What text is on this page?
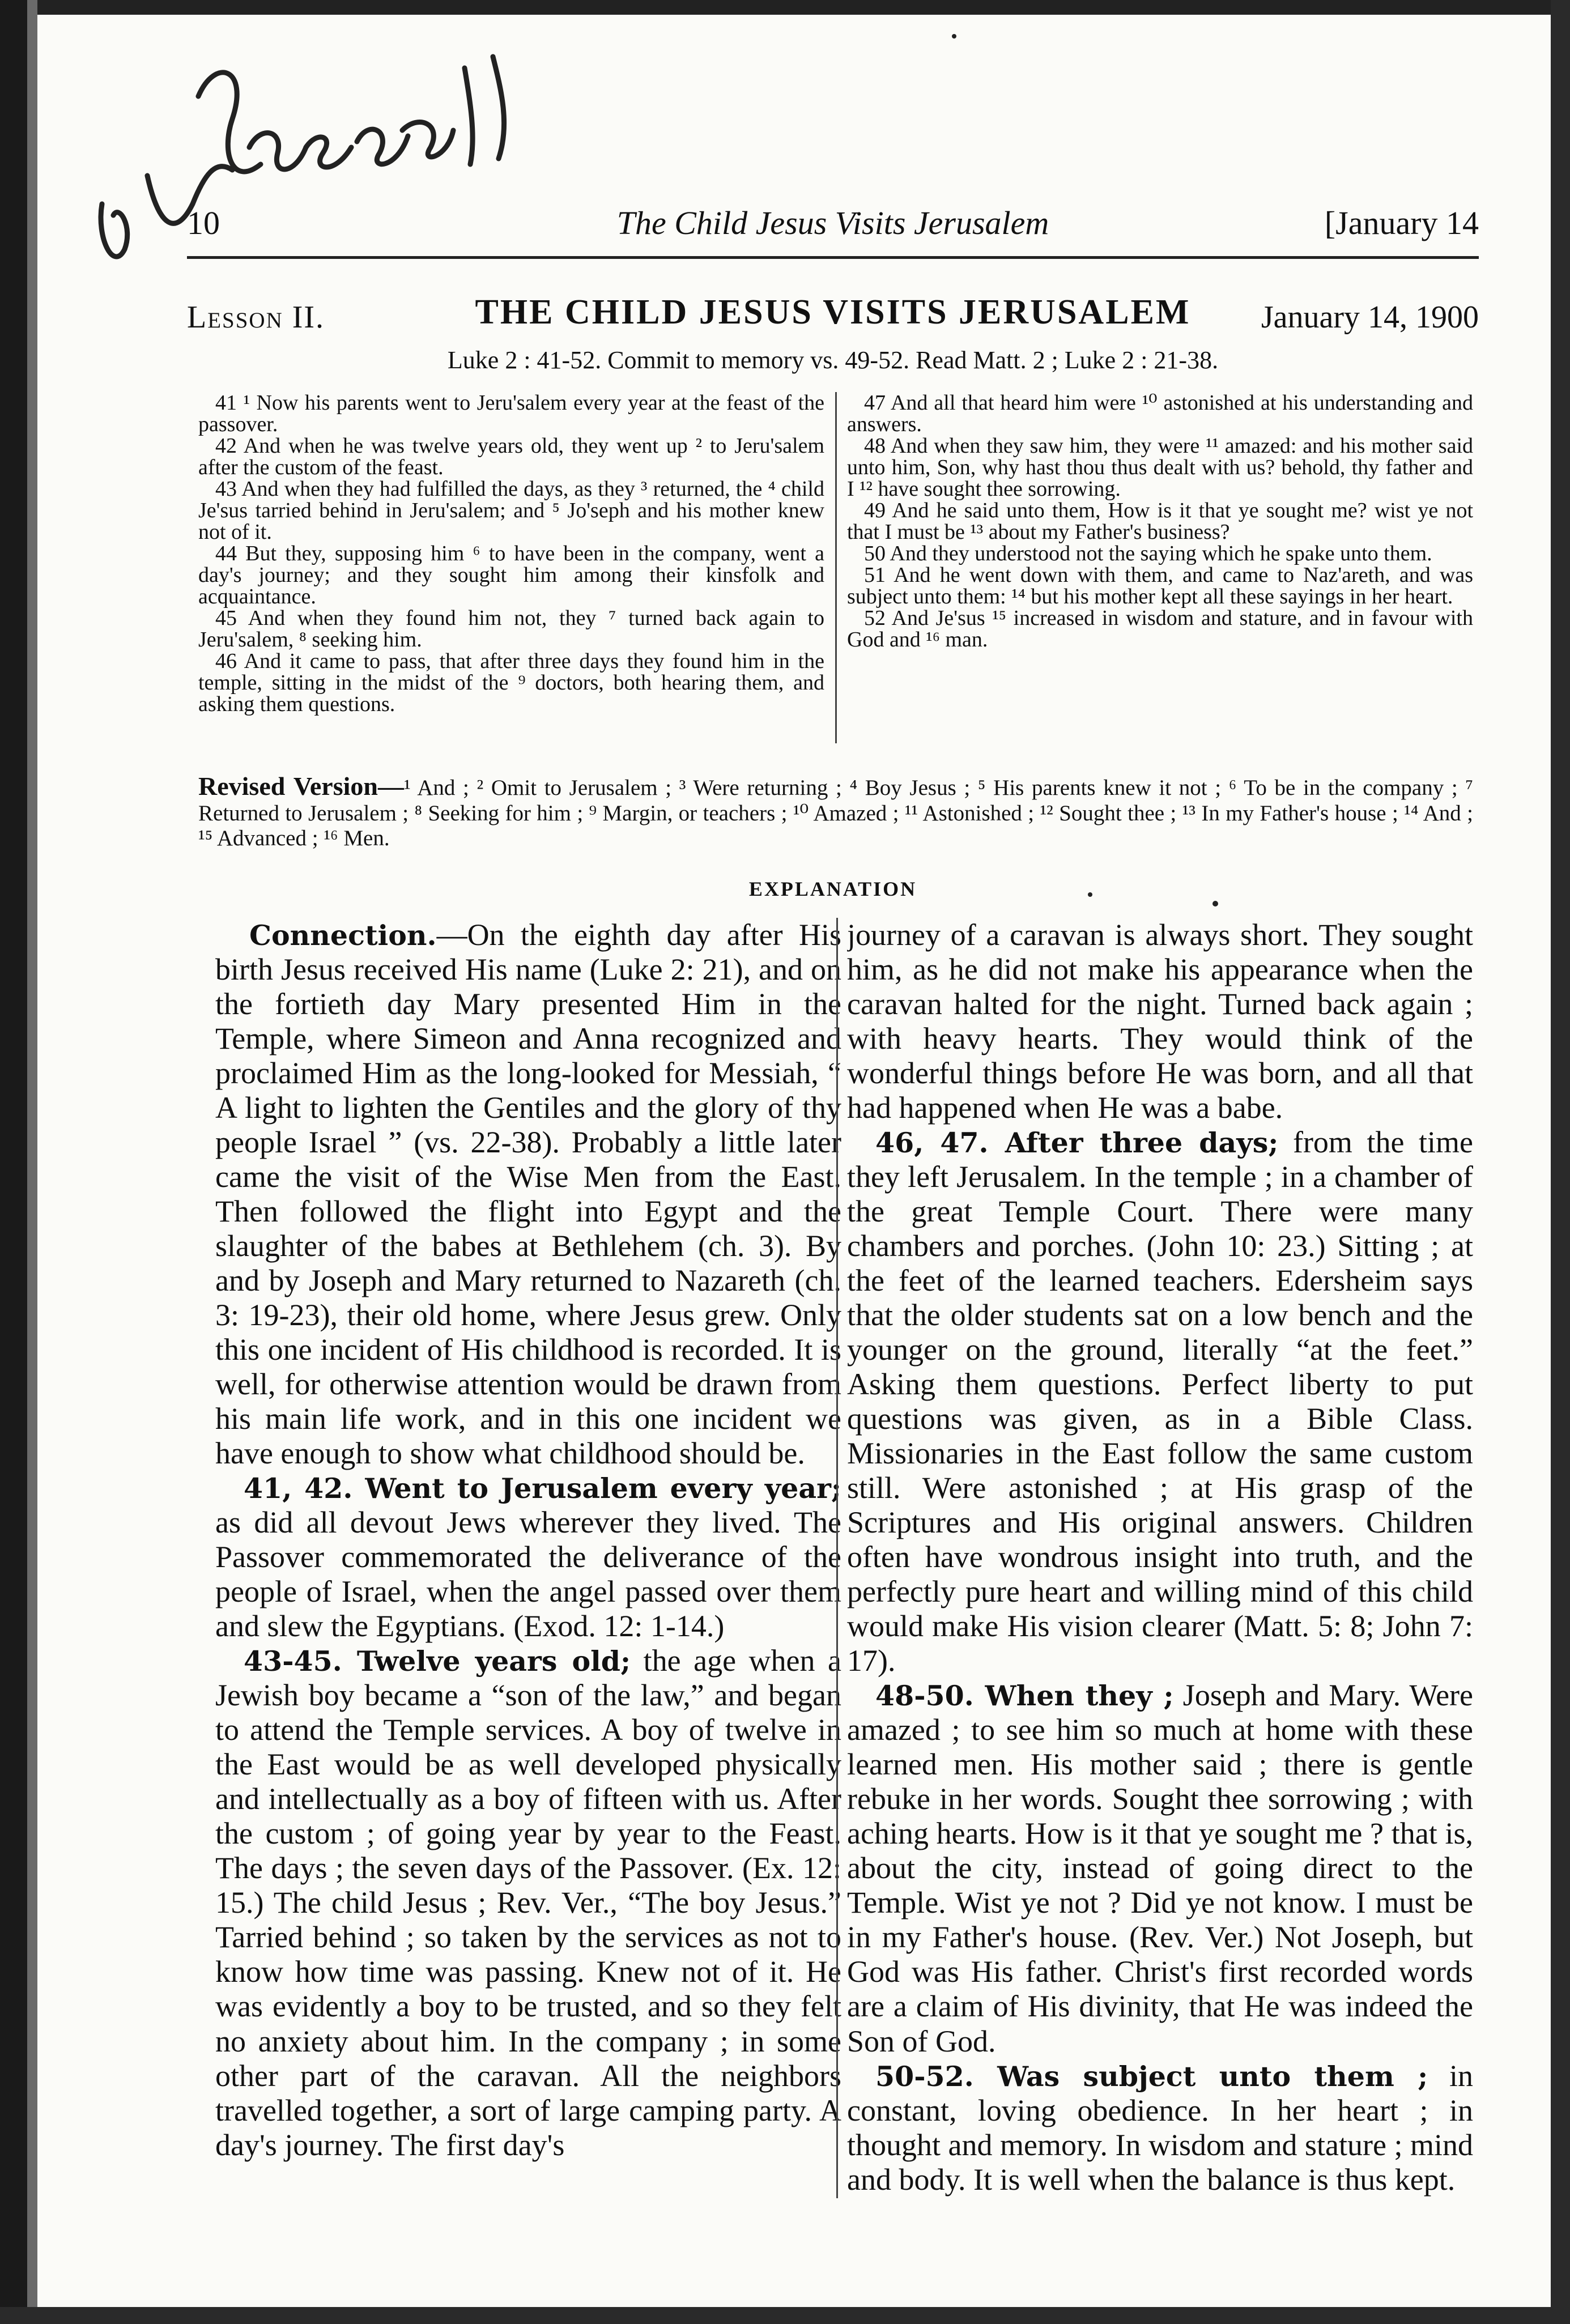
10	The Child Jesus Visits Jerusalem	[January 14
Lesson II.	THE CHILD JESUS VISITS JERUSALEM	January 14, 1900
Luke 2 : 41-52. Commit to memory vs. 49-52. Read Matt. 2 ; Luke 2 : 21-38.

41 ¹ Now his parents went to Jeru'salem every year at the feast of the passover.

42 And when he was twelve years old, they went up ² to Jeru'salem after the custom of the feast.

43 And when they had fulfilled the days, as they ³ returned, the ⁴ child Je'sus tarried behind in Jeru'salem; and ⁵ Jo'seph and his mother knew not of it.

44 But they, supposing him ⁶ to have been in the company, went a day's journey; and they sought him among their kinsfolk and acquaintance.

45 And when they found him not, they ⁷ turned back again to Jeru'salem, ⁸ seeking him.

46 And it came to pass, that after three days they found him in the temple, sitting in the midst of the ⁹ doctors, both hearing them, and asking them questions.

47 And all that heard him were ¹⁰ astonished at his understanding and answers.

48 And when they saw him, they were ¹¹ amazed: and his mother said unto him, Son, why hast thou thus dealt with us? behold, thy father and I ¹² have sought thee sorrowing.

49 And he said unto them, How is it that ye sought me? wist ye not that I must be ¹³ about my Father's business?

50 And they understood not the saying which he spake unto them.

51 And he went down with them, and came to Naz'areth, and was subject unto them: ¹⁴ but his mother kept all these sayings in her heart.

52 And Je'sus ¹⁵ increased in wisdom and stature, and in favour with God and ¹⁶ man.

Revised Version—¹ And ; ² Omit to Jerusalem ; ³ Were returning ; ⁴ Boy Jesus ; ⁵ His parents knew it not ; ⁶ To be in the company ; ⁷ Returned to Jerusalem ; ⁸ Seeking for him ; ⁹ Margin, or teachers ; ¹⁰ Amazed ; ¹¹ Astonished ; ¹² Sought thee ; ¹³ In my Father's house ; ¹⁴ And ; ¹⁵ Advanced ; ¹⁶ Men.
EXPLANATION

Connection.—On the eighth day after His birth Jesus received His name (Luke 2: 21), and on the fortieth day Mary presented Him in the Temple, where Simeon and Anna recognized and proclaimed Him as the long-looked for Messiah, “ A light to lighten the Gentiles and the glory of thy people Israel ” (vs. 22-38). Probably a little later came the visit of the Wise Men from the East. Then followed the flight into Egypt and the slaughter of the babes at Bethlehem (ch. 3). By and by Joseph and Mary returned to Nazareth (ch. 3: 19-23), their old home, where Jesus grew. Only this one incident of His childhood is recorded. It is well, for otherwise attention would be drawn from his main life work, and in this one incident we have enough to show what childhood should be.

41, 42. Went to Jerusalem every year; as did all devout Jews wherever they lived. The Passover commemorated the deliverance of the people of Israel, when the angel passed over them and slew the Egyptians. (Exod. 12: 1-14.)

43-45. Twelve years old; the age when a Jewish boy became a “son of the law,” and began to attend the Temple services. A boy of twelve in the East would be as well developed physically and intellectually as a boy of fifteen with us. After the custom ; of going year by year to the Feast. The days ; the seven days of the Passover. (Ex. 12: 15.) The child Jesus ; Rev. Ver., “The boy Jesus.” Tarried behind ; so taken by the services as not to know how time was passing. Knew not of it. He was evidently a boy to be trusted, and so they felt no anxiety about him. In the company ; in some other part of the caravan. All the neighbors travelled together, a sort of large camping party. A day's journey. The first day's

journey of a caravan is always short. They sought him, as he did not make his appearance when the caravan halted for the night. Turned back again ; with heavy hearts. They would think of the wonderful things before He was born, and all that had happened when He was a babe.

46, 47. After three days; from the time they left Jerusalem. In the temple ; in a chamber of the great Temple Court. There were many chambers and porches. (John 10: 23.) Sitting ; at the feet of the learned teachers. Edersheim says that the older students sat on a low bench and the younger on the ground, literally “at the feet.” Asking them questions. Perfect liberty to put questions was given, as in a Bible Class. Missionaries in the East follow the same custom still. Were astonished ; at His grasp of the Scriptures and His original answers. Children often have wondrous insight into truth, and the perfectly pure heart and willing mind of this child would make His vision clearer (Matt. 5: 8; John 7: 17).

48-50. When they ; Joseph and Mary. Were amazed ; to see him so much at home with these learned men. His mother said ; there is gentle rebuke in her words. Sought thee sorrowing ; with aching hearts. How is it that ye sought me ? that is, about the city, instead of going direct to the Temple. Wist ye not ? Did ye not know. I must be in my Father's house. (Rev. Ver.) Not Joseph, but God was His father. Christ's first recorded words are a claim of His divinity, that He was indeed the Son of God.

50-52. Was subject unto them ; in constant, loving obedience. In her heart ; in thought and memory. In wisdom and stature ; mind and body. It is well when the balance is thus kept.
